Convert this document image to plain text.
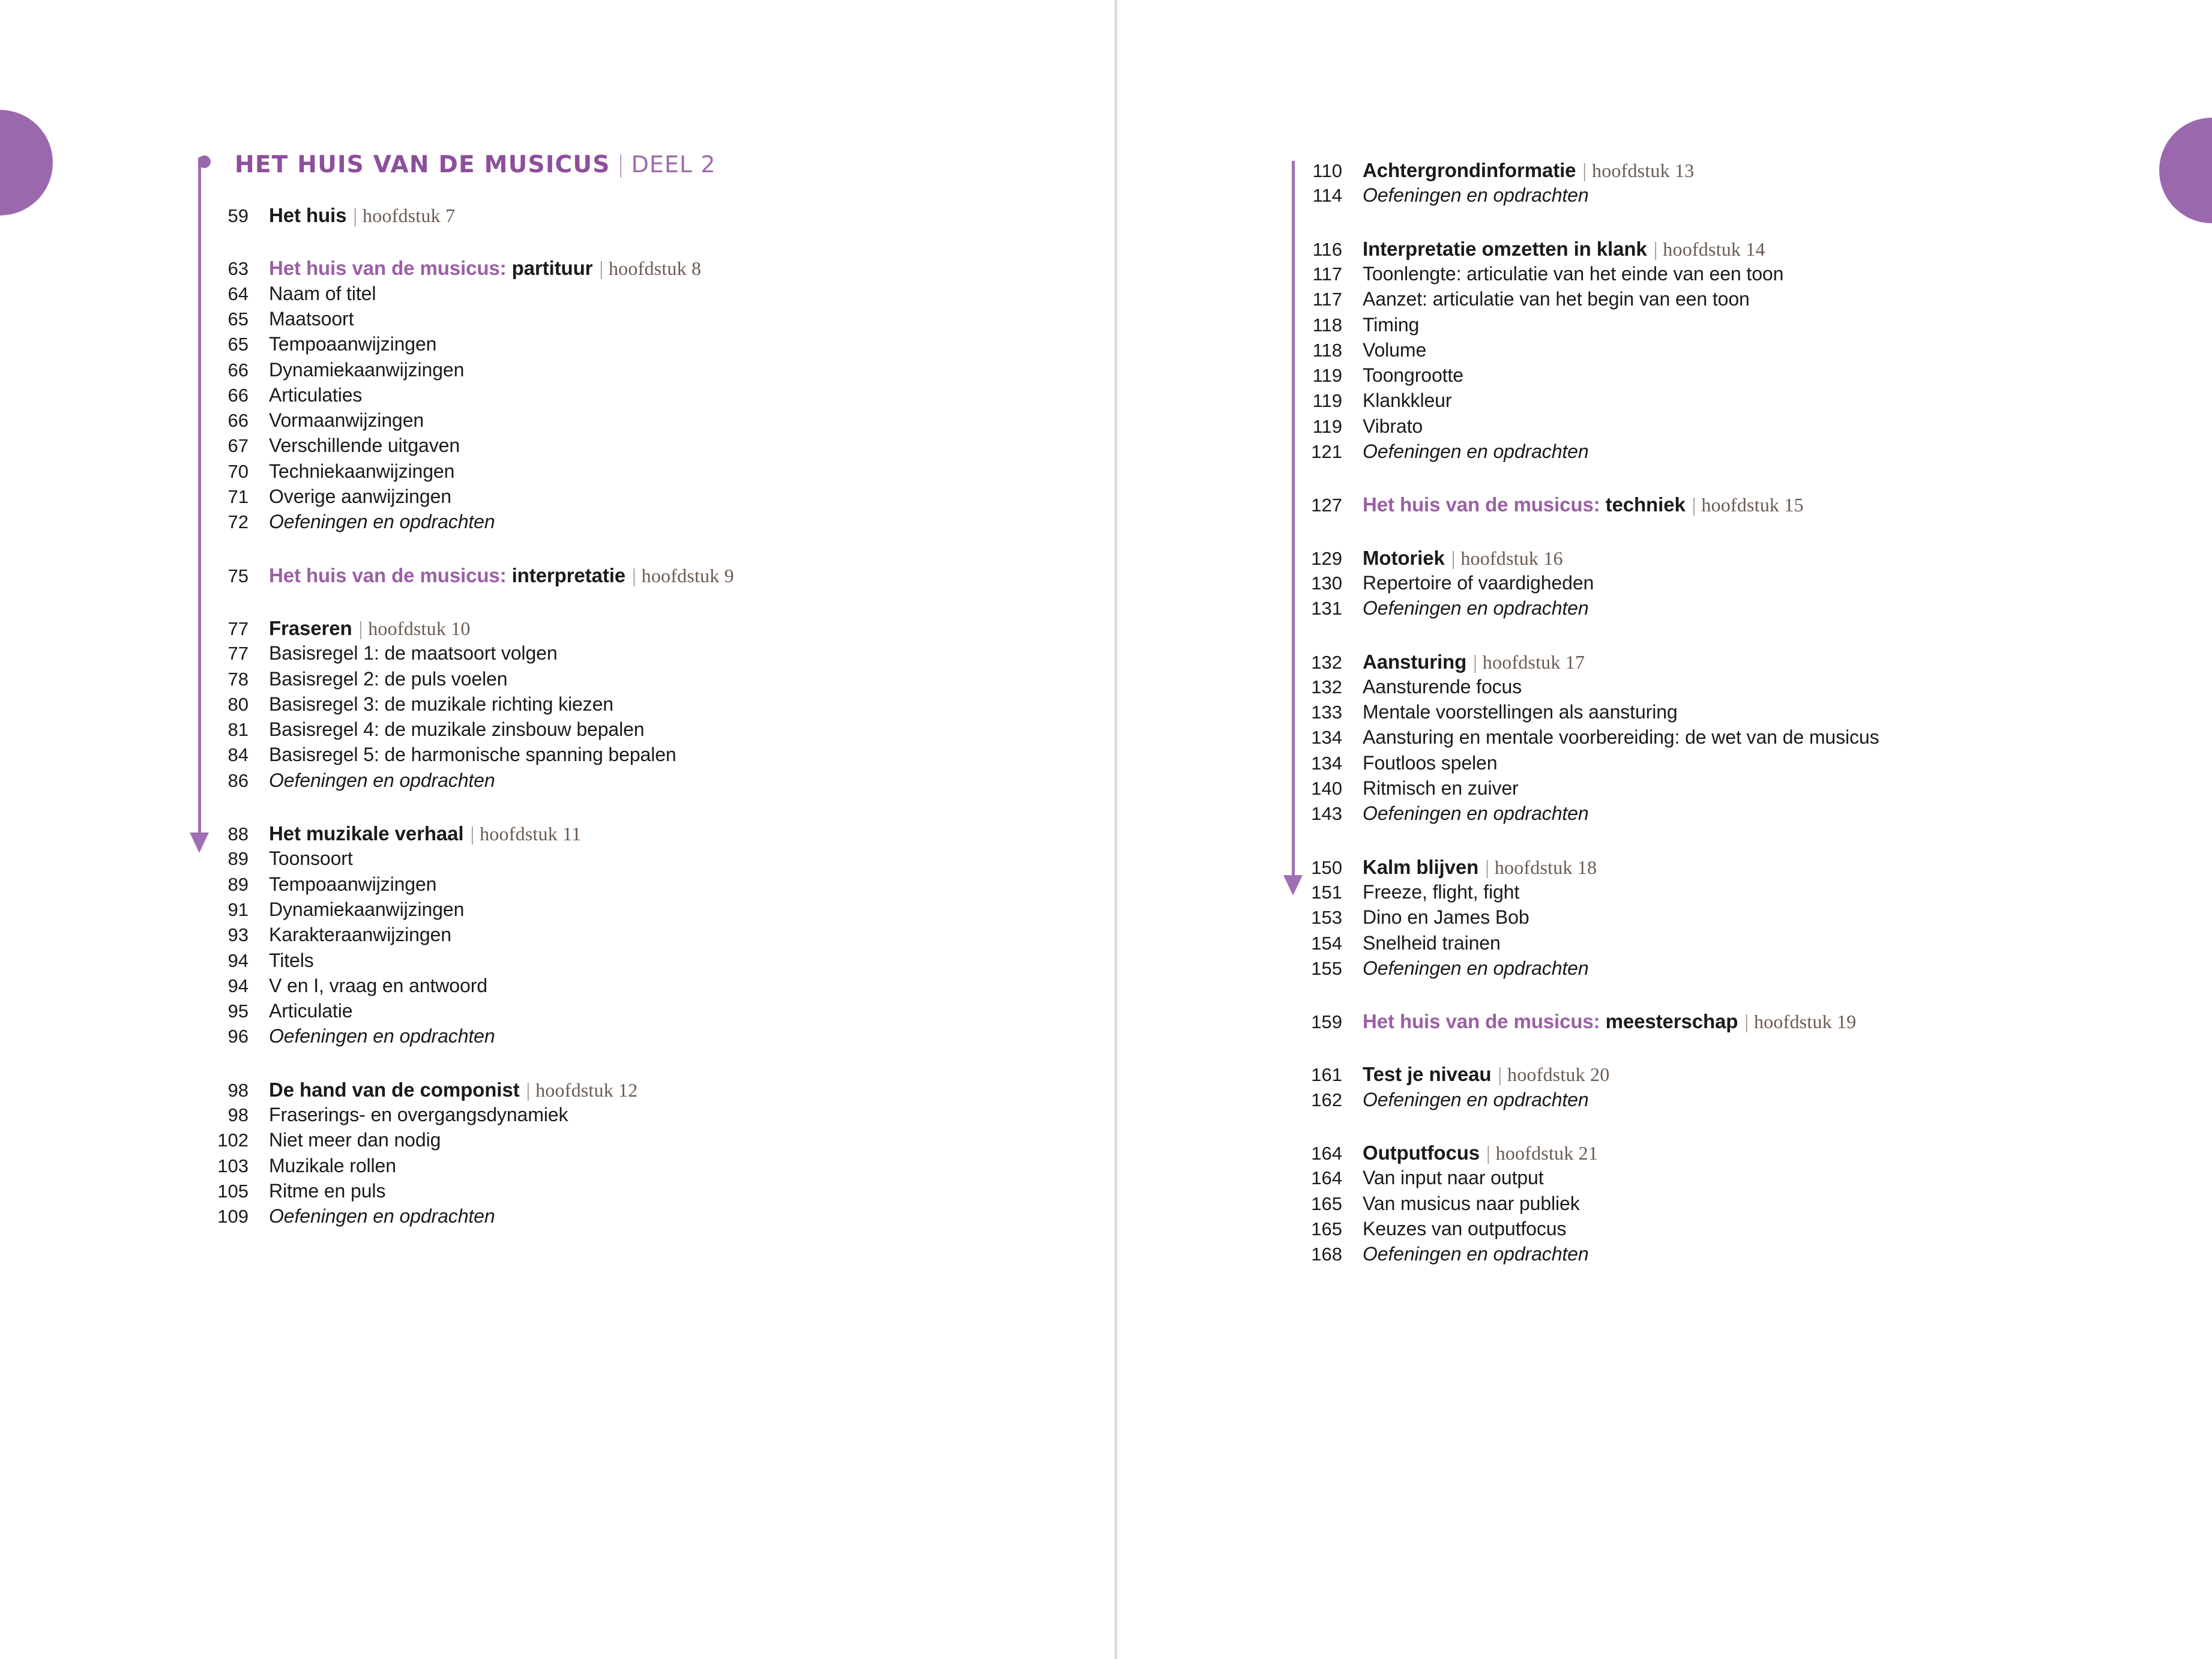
HET HUIS VAN DE MUSICUS | DEEL 2
59	Het huis | hoofdstuk 7
63	Het huis van de musicus: partituur | hoofdstuk 8
64	Naam of titel
65	Maatsoort
65	Tempoaanwijzingen
66	Dynamiekaanwijzingen
66	Articulaties
66	Vormaanwijzingen
67	Verschillende uitgaven
70	Techniekaanwijzingen
71	Overige aanwijzingen
72	Oefeningen en opdrachten
75	Het huis van de musicus: interpretatie | hoofdstuk 9
77	Fraseren | hoofdstuk 10
77	Basisregel 1: de maatsoort volgen
78	Basisregel 2: de puls voelen
80	Basisregel 3: de muzikale richting kiezen
81	Basisregel 4: de muzikale zinsbouw bepalen
84	Basisregel 5: de harmonische spanning bepalen
86	Oefeningen en opdrachten
88	Het muzikale verhaal | hoofdstuk 11
89	Toonsoort
89	Tempoaanwijzingen
91	Dynamiekaanwijzingen
93	Karakteraanwijzingen
94	Titels
94	V en I, vraag en antwoord
95	Articulatie
96	Oefeningen en opdrachten
98	De hand van de componist | hoofdstuk 12
98	Fraserings- en overgangsdynamiek
102	Niet meer dan nodig
103	Muzikale rollen
105	Ritme en puls
109	Oefeningen en opdrachten
110	Achtergrondinformatie | hoofdstuk 13
114	Oefeningen en opdrachten
116	Interpretatie omzetten in klank | hoofdstuk 14
117	Toonlengte: articulatie van het einde van een toon
117	Aanzet: articulatie van het begin van een toon
118	Timing
118	Volume
119	Toongrootte
119	Klankkleur
119	Vibrato
121	Oefeningen en opdrachten
127	Het huis van de musicus: techniek | hoofdstuk 15
129	Motoriek | hoofdstuk 16
130	Repertoire of vaardigheden
131	Oefeningen en opdrachten
132	Aansturing | hoofdstuk 17
132	Aansturende focus
133	Mentale voorstellingen als aansturing
134	Aansturing en mentale voorbereiding: de wet van de musicus
134	Foutloos spelen
140	Ritmisch en zuiver
143	Oefeningen en opdrachten
150	Kalm blijven | hoofdstuk 18
151	Freeze, flight, fight
153	Dino en James Bob
154	Snelheid trainen
155	Oefeningen en opdrachten
159	Het huis van de musicus: meesterschap | hoofdstuk 19
161	Test je niveau | hoofdstuk 20
162	Oefeningen en opdrachten
164	Outputfocus | hoofdstuk 21
164	Van input naar output
165	Van musicus naar publiek
165	Keuzes van outputfocus
168	Oefeningen en opdrachten
